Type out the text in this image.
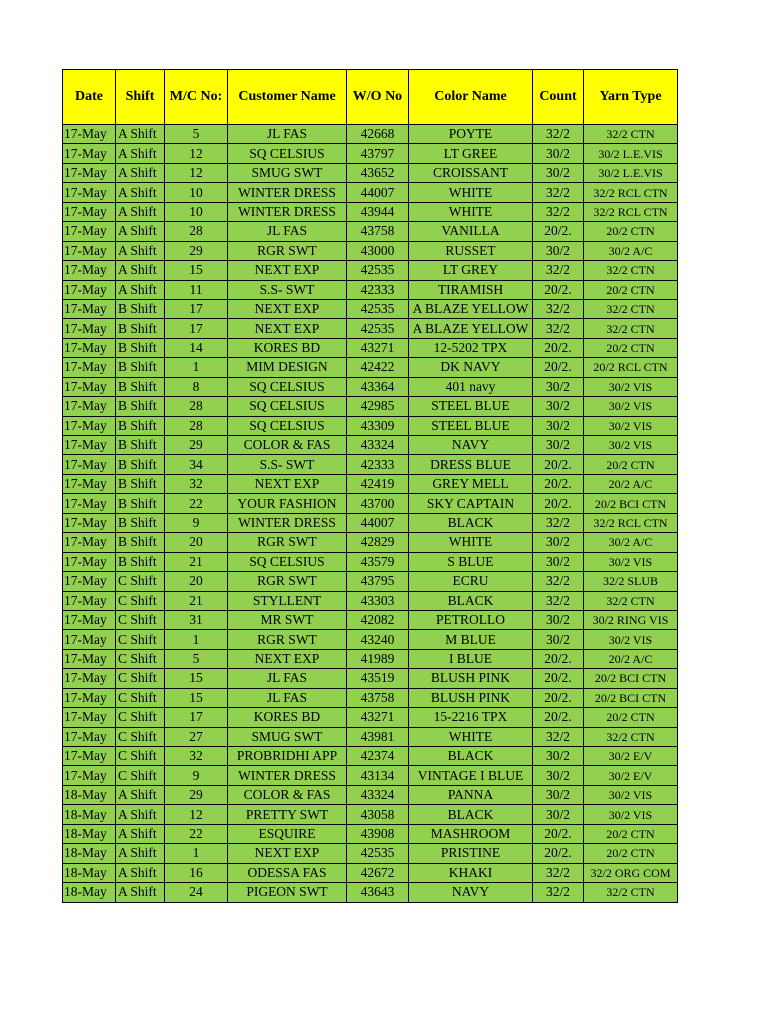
Date	Shift	M/C No:	Customer Name	W/O No	Color Name	Count	Yarn Type
17-May	A Shift	5	JL FAS	42668	POYTE	32/2	32/2 CTN
17-May	A Shift	12	SQ CELSIUS	43797	LT GREE	30/2	30/2 L.E.VIS
17-May	A Shift	12	SMUG SWT	43652	CROISSANT	30/2	30/2 L.E.VIS
17-May	A Shift	10	WINTER DRESS	44007	WHITE	32/2	32/2 RCL CTN
17-May	A Shift	10	WINTER DRESS	43944	WHITE	32/2	32/2 RCL CTN
17-May	A Shift	28	JL FAS	43758	VANILLA	20/2.	20/2 CTN
17-May	A Shift	29	RGR SWT	43000	RUSSET	30/2	30/2 A/C
17-May	A Shift	15	NEXT EXP	42535	LT GREY	32/2	32/2 CTN
17-May	A Shift	11	S.S- SWT	42333	TIRAMISH	20/2.	20/2 CTN
17-May	B Shift	17	NEXT EXP	42535	A BLAZE YELLOW	32/2	32/2 CTN
17-May	B Shift	17	NEXT EXP	42535	A BLAZE YELLOW	32/2	32/2 CTN
17-May	B Shift	14	KORES BD	43271	12-5202 TPX	20/2.	20/2 CTN
17-May	B Shift	1	MIM DESIGN	42422	DK NAVY	20/2.	20/2 RCL CTN
17-May	B Shift	8	SQ CELSIUS	43364	401 navy	30/2	30/2 VIS
17-May	B Shift	28	SQ CELSIUS	42985	STEEL BLUE	30/2	30/2 VIS
17-May	B Shift	28	SQ CELSIUS	43309	STEEL BLUE	30/2	30/2 VIS
17-May	B Shift	29	COLOR & FAS	43324	NAVY	30/2	30/2 VIS
17-May	B Shift	34	S.S- SWT	42333	DRESS BLUE	20/2.	20/2 CTN
17-May	B Shift	32	NEXT EXP	42419	GREY MELL	20/2.	20/2 A/C
17-May	B Shift	22	YOUR FASHION	43700	SKY CAPTAIN	20/2.	20/2 BCI CTN
17-May	B Shift	9	WINTER DRESS	44007	BLACK	32/2	32/2 RCL CTN
17-May	B Shift	20	RGR SWT	42829	WHITE	30/2	30/2 A/C
17-May	B Shift	21	SQ CELSIUS	43579	S BLUE	30/2	30/2 VIS
17-May	C Shift	20	RGR SWT	43795	ECRU	32/2	32/2 SLUB
17-May	C Shift	21	STYLLENT	43303	BLACK	32/2	32/2 CTN
17-May	C Shift	31	MR SWT	42082	PETROLLO	30/2	30/2 RING VIS
17-May	C Shift	1	RGR SWT	43240	M BLUE	30/2	30/2 VIS
17-May	C Shift	5	NEXT EXP	41989	I BLUE	20/2.	20/2 A/C
17-May	C Shift	15	JL FAS	43519	BLUSH PINK	20/2.	20/2 BCI CTN
17-May	C Shift	15	JL FAS	43758	BLUSH PINK	20/2.	20/2 BCI CTN
17-May	C Shift	17	KORES BD	43271	15-2216 TPX	20/2.	20/2 CTN
17-May	C Shift	27	SMUG SWT	43981	WHITE	32/2	32/2 CTN
17-May	C Shift	32	PROBRIDHI APP	42374	BLACK	30/2	30/2 E/V
17-May	C Shift	9	WINTER DRESS	43134	VINTAGE I BLUE	30/2	30/2 E/V
18-May	A Shift	29	COLOR & FAS	43324	PANNA	30/2	30/2 VIS
18-May	A Shift	12	PRETTY SWT	43058	BLACK	30/2	30/2 VIS
18-May	A Shift	22	ESQUIRE	43908	MASHROOM	20/2.	20/2 CTN
18-May	A Shift	1	NEXT EXP	42535	PRISTINE	20/2.	20/2 CTN
18-May	A Shift	16	ODESSA FAS	42672	KHAKI	32/2	32/2 ORG COM
18-May	A Shift	24	PIGEON SWT	43643	NAVY	32/2	32/2 CTN
